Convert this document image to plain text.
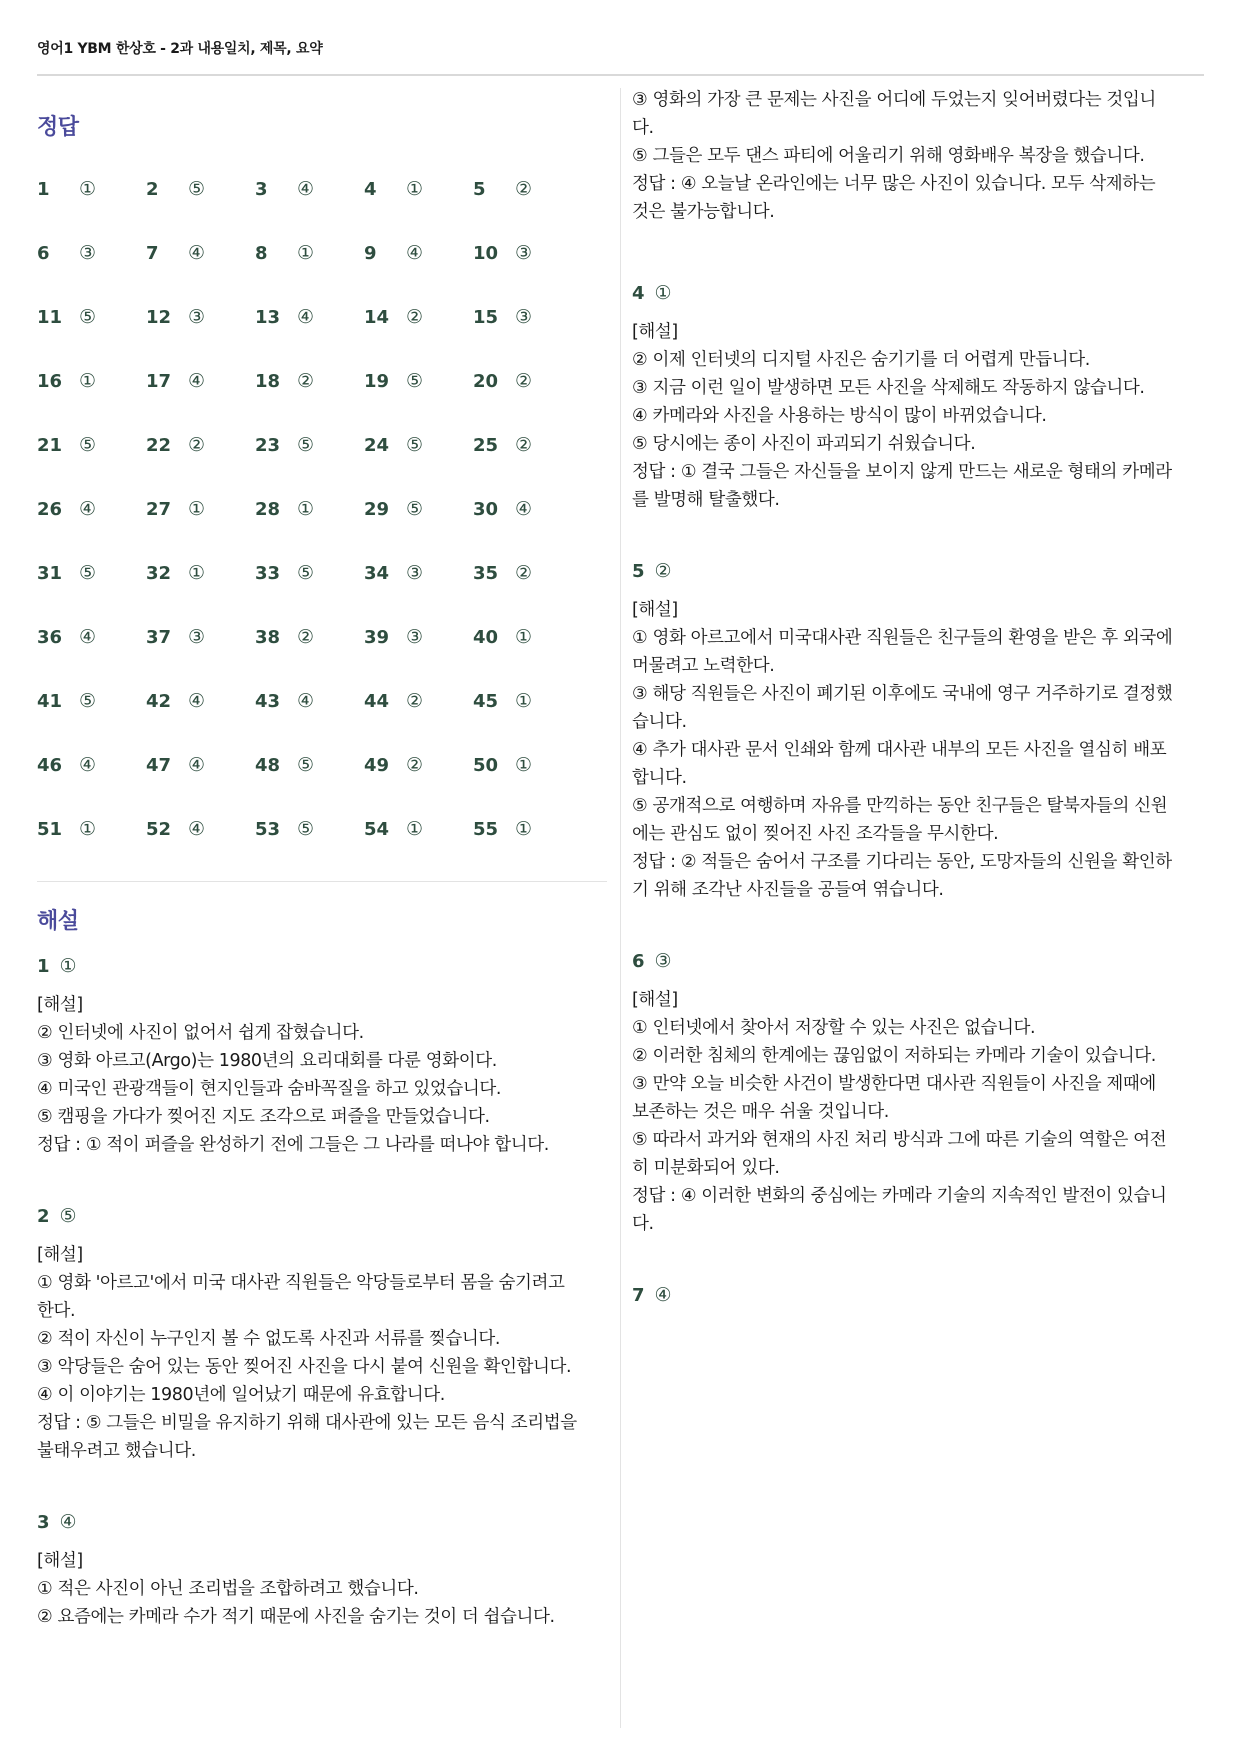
영어1 YBM 한상호 - 2과 내용일치, 제목, 요약
정답
1	①	2	⑤	3	④	4	①	5	②
6	③	7	④	8	①	9	④	10 ③
11 ⑤	12 ③	13 ④	14 ②	15 ③
16 ①	17 ④	18 ②	19 ⑤	20 ②
21 ⑤	22 ②	23 ⑤	24 ⑤	25 ②
26 ④	27 ①	28 ①	29 ⑤	30 ④
31 ⑤	32 ①	33 ⑤	34 ③	35 ②
36 ④	37 ③	38 ②	39 ③	40 ①
41 ⑤	42 ④	43 ④	44 ②	45 ①
46 ④	47 ④	48 ⑤	49 ②	50 ①
51 ①	52 ④	53 ⑤	54 ①	55 ①
해설
1 ①
[해설]
② 인터넷에 사진이 없어서 쉽게 잡혔습니다.
③ 영화 아르고(Argo)는 1980년의 요리대회를 다룬 영화이다.
④ 미국인 관광객들이 현지인들과 숨바꼭질을 하고 있었습니다.
⑤ 캠핑을 가다가 찢어진 지도 조각으로 퍼즐을 만들었습니다.
정답 : ① 적이 퍼즐을 완성하기 전에 그들은 그 나라를 떠나야 합니다.
2 ⑤
[해설]
① 영화 '아르고'에서 미국 대사관 직원들은 악당들로부터 몸을 숨기려고
한다.
② 적이 자신이 누구인지 볼 수 없도록 사진과 서류를 찢습니다.
③ 악당들은 숨어 있는 동안 찢어진 사진을 다시 붙여 신원을 확인합니다.
④ 이 이야기는 1980년에 일어났기 때문에 유효합니다.
정답 : ⑤ 그들은 비밀을 유지하기 위해 대사관에 있는 모든 음식 조리법을
불태우려고 했습니다.
3 ④
[해설]
① 적은 사진이 아닌 조리법을 조합하려고 했습니다.
② 요즘에는 카메라 수가 적기 때문에 사진을 숨기는 것이 더 쉽습니다.
③ 영화의 가장 큰 문제는 사진을 어디에 두었는지 잊어버렸다는 것입니
다.
⑤ 그들은 모두 댄스 파티에 어울리기 위해 영화배우 복장을 했습니다.
정답 : ④ 오늘날 온라인에는 너무 많은 사진이 있습니다. 모두 삭제하는
것은 불가능합니다.
4 ①
[해설]
② 이제 인터넷의 디지털 사진은 숨기기를 더 어렵게 만듭니다.
③ 지금 이런 일이 발생하면 모든 사진을 삭제해도 작동하지 않습니다.
④ 카메라와 사진을 사용하는 방식이 많이 바뀌었습니다.
⑤ 당시에는 종이 사진이 파괴되기 쉬웠습니다.
정답 : ① 결국 그들은 자신들을 보이지 않게 만드는 새로운 형태의 카메라
를 발명해 탈출했다.
5 ②
[해설]
① 영화 아르고에서 미국대사관 직원들은 친구들의 환영을 받은 후 외국에
머물려고 노력한다.
③ 해당 직원들은 사진이 폐기된 이후에도 국내에 영구 거주하기로 결정했
습니다.
④ 추가 대사관 문서 인쇄와 함께 대사관 내부의 모든 사진을 열심히 배포
합니다.
⑤ 공개적으로 여행하며 자유를 만끽하는 동안 친구들은 탈북자들의 신원
에는 관심도 없이 찢어진 사진 조각들을 무시한다.
정답 : ② 적들은 숨어서 구조를 기다리는 동안, 도망자들의 신원을 확인하
기 위해 조각난 사진들을 공들여 엮습니다.
6 ③
[해설]
① 인터넷에서 찾아서 저장할 수 있는 사진은 없습니다.
② 이러한 침체의 한계에는 끊임없이 저하되는 카메라 기술이 있습니다.
③ 만약 오늘 비슷한 사건이 발생한다면 대사관 직원들이 사진을 제때에
보존하는 것은 매우 쉬울 것입니다.
⑤ 따라서 과거와 현재의 사진 처리 방식과 그에 따른 기술의 역할은 여전
히 미분화되어 있다.
정답 : ④ 이러한 변화의 중심에는 카메라 기술의 지속적인 발전이 있습니
다.
7 ④
